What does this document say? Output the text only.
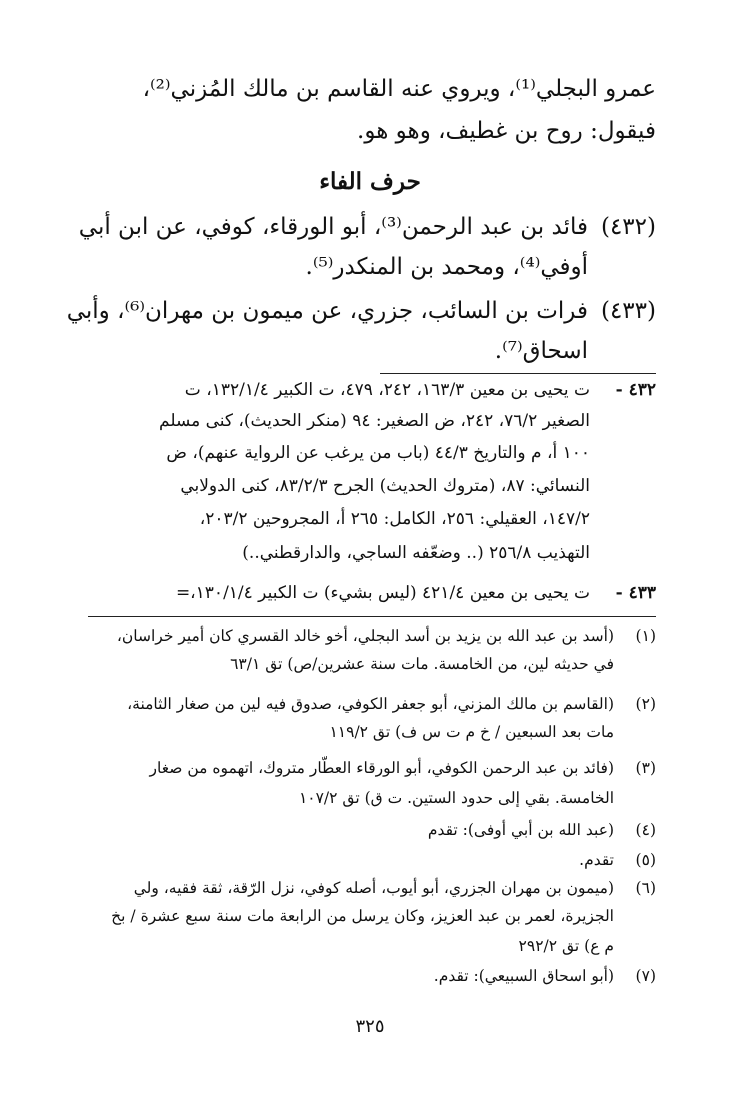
عمرو البجلي⁽¹⁾، ويروي عنه القاسم بن مالك المُزني⁽²⁾،
فيقول: روح بن غطيف، وهو هو.
حرف الفاء
(٤٣٢)
فائد بن عبد الرحمن⁽³⁾، أبو الورقاء، كوفي، عن ابن أبي
أوفي⁽⁴⁾، ومحمد بن المنكدر⁽⁵⁾.
(٤٣٣)
فرات بن السائب، جزري، عن ميمون بن مهران⁽⁶⁾، وأبي
اسحاق⁽⁷⁾.
٤٣٢ -
ت يحيى بن معين ١٦٣/٣، ٢٤٢، ٤٧٩، ت الكبير ١٣٢/١/٤، ت
الصغير ٧٦/٢، ٢٤٢، ض الصغير: ٩٤ (منكر الحديث)، كنى مسلم
١٠٠ أ، م والتاريخ ٤٤/٣ (باب من يرغب عن الرواية عنهم)، ض
النسائي: ٨٧، (متروك الحديث) الجرح ٨٣/٢/٣، كنى الدولابي
١٤٧/٢، العقيلي: ٢٥٦، الكامل: ٢٦٥ أ، المجروحين ٢٠٣/٢،
التهذيب ٢٥٦/٨ (.. وضعّفه الساجي، والدارقطني..)
٤٣٣ -
ت يحيى بن معين ٤٢١/٤ (ليس بشيء) ت الكبير ١٣٠/١/٤،=
(١)
(أسد بن عبد الله بن يزيد بن أسد البجلي، أخو خالد القسري كان أمير خراسان،
في حديثه لين، من الخامسة. مات سنة عشرين/ص) تق ٦٣/١
(٢)
(القاسم بن مالك المزني، أبو جعفر الكوفي، صدوق فيه لين من صغار الثامنة،
مات بعد السبعين / خ م ت س ف) تق ١١٩/٢
(٣)
(فائد بن عبد الرحمن الكوفي، أبو الورقاء العطّار متروك، اتهموه من صغار
الخامسة. بقي إلى حدود الستين. ت ق) تق ١٠٧/٢
(٤)
(عبد الله بن أبي أوفى): تقدم
(٥)
تقدم.
(٦)
(ميمون بن مهران الجزري، أبو أيوب، أصله كوفي، نزل الرّقة، ثقة فقيه، ولي
الجزيرة، لعمر بن عبد العزيز، وكان يرسل من الرابعة مات سنة سبع عشرة / بخ
م ع) تق ٢٩٢/٢
(٧)
(أبو اسحاق السبيعي): تقدم.
٣٢٥
